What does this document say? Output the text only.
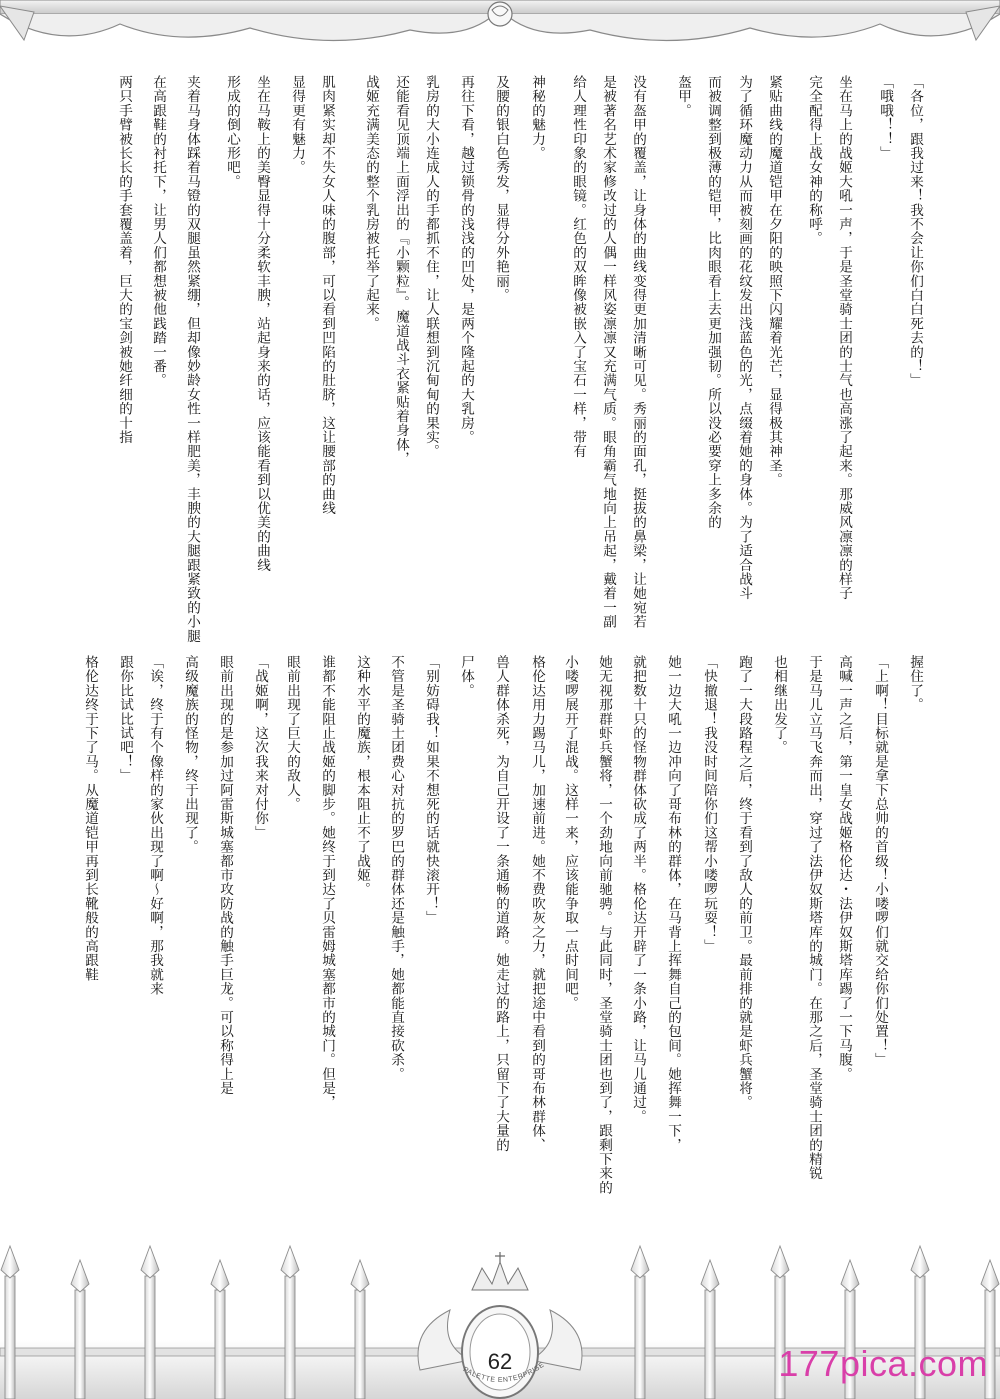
「各位，跟我过来！我不会让你们白白死去的！」

「哦哦！！」

坐在马上的战姬大吼一声，于是圣堂骑士团的士气也高涨了起来。那威风凛凛的样子

完全配得上战女神的称呼。

紧贴曲线的魔道铠甲在夕阳的映照下闪耀着光芒，显得极其神圣。

为了循环魔动力从而被刻画的花纹发出浅蓝色的光，点缀着她的身体。为了适合战斗

而被调整到极薄的铠甲，比肉眼看上去更加强韧。所以没必要穿上多余的

盔甲。

没有盔甲的覆盖，让身体的曲线变得更加清晰可见。秀丽的面孔，挺拔的鼻梁，让她宛若

是被著名艺术家修改过的人偶一样风姿凛凛又充满气质。眼角霸气地向上吊起，戴着一副

给人理性印象的眼镜。红色的双眸像被嵌入了宝石一样，带有

神秘的魅力。

及腰的银白色秀发，显得分外艳丽。

再往下看，越过锁骨的浅浅的凹处，是两个隆起的大乳房。

乳房的大小连成人的手都抓不住，让人联想到沉甸甸的果实。

还能看见顶端上面浮出的『小颗粒』。魔道战斗衣紧贴着身体，

战姬充满美态的整个乳房被托举了起来。

肌肉紧实却不失女人味的腹部，可以看到凹陷的肚脐，这让腰部的曲线

显得更有魅力。

坐在马鞍上的美臀显得十分柔软丰腴，站起身来的话，应该能看到以优美的曲线

形成的倒心形吧。

夹着马身体踩着马镫的双腿虽然紧绷，但却像妙龄女性一样肥美，丰腴的大腿跟紧致的小腿

在高跟鞋的衬托下，让男人们都想被他践踏一番。

两只手臂被长长的手套覆盖着，巨大的宝剑被她纤细的十指

握住了。

「上啊！目标就是拿下总帅的首级！小喽啰们就交给你们处置！」

高喊一声之后，第一皇女战姬格伦达・法伊奴斯塔库踢了一下马腹。

于是马儿立马飞奔而出，穿过了法伊奴斯塔库的城门。在那之后，圣堂骑士团的精锐

也相继出发了。

跑了一大段路程之后，终于看到了敌人的前卫。最前排的就是虾兵蟹将。

「快撤退！我没时间陪你们这帮小喽啰玩耍！」

她一边大吼一边冲向了哥布林的群体，在马背上挥舞自己的包间。她挥舞一下，

就把数十只的怪物群体砍成了两半。格伦达开辟了一条小路，让马儿通过。

她无视那群虾兵蟹将，一个劲地向前驰骋。与此同时，圣堂骑士团也到了，跟剩下来的

小喽啰展开了混战。这样一来，应该能争取一点时间吧。

格伦达用力踢马儿，加速前进。她不费吹灰之力，就把途中看到的哥布林群体、

兽人群体杀死，为自己开设了一条通畅的道路。她走过的路上，只留下了大量的

尸体。

「别妨碍我！如果不想死的话就快滚开！」

不管是圣骑士团费心对抗的罗巴的群体还是触手，她都能直接砍杀。

这种水平的魔族，根本阻止不了战姬。

谁都不能阻止战姬的脚步。她终于到达了贝雷姆城塞都市的城门。但是，

眼前出现了巨大的敌人。

「战姬啊，这次我来对付你」

眼前出现的是参加过阿雷斯城塞都市攻防战的触手巨龙。可以称得上是

高级魔族的怪物，终于出现了。

「诶，终于有个像样的家伙出现了啊～好啊，那我就来

跟你比试比试吧！」

格伦达终于下了马。从魔道铠甲再到长靴般的高跟鞋

62
PALETTE ENTERPRISE	177pica.com
